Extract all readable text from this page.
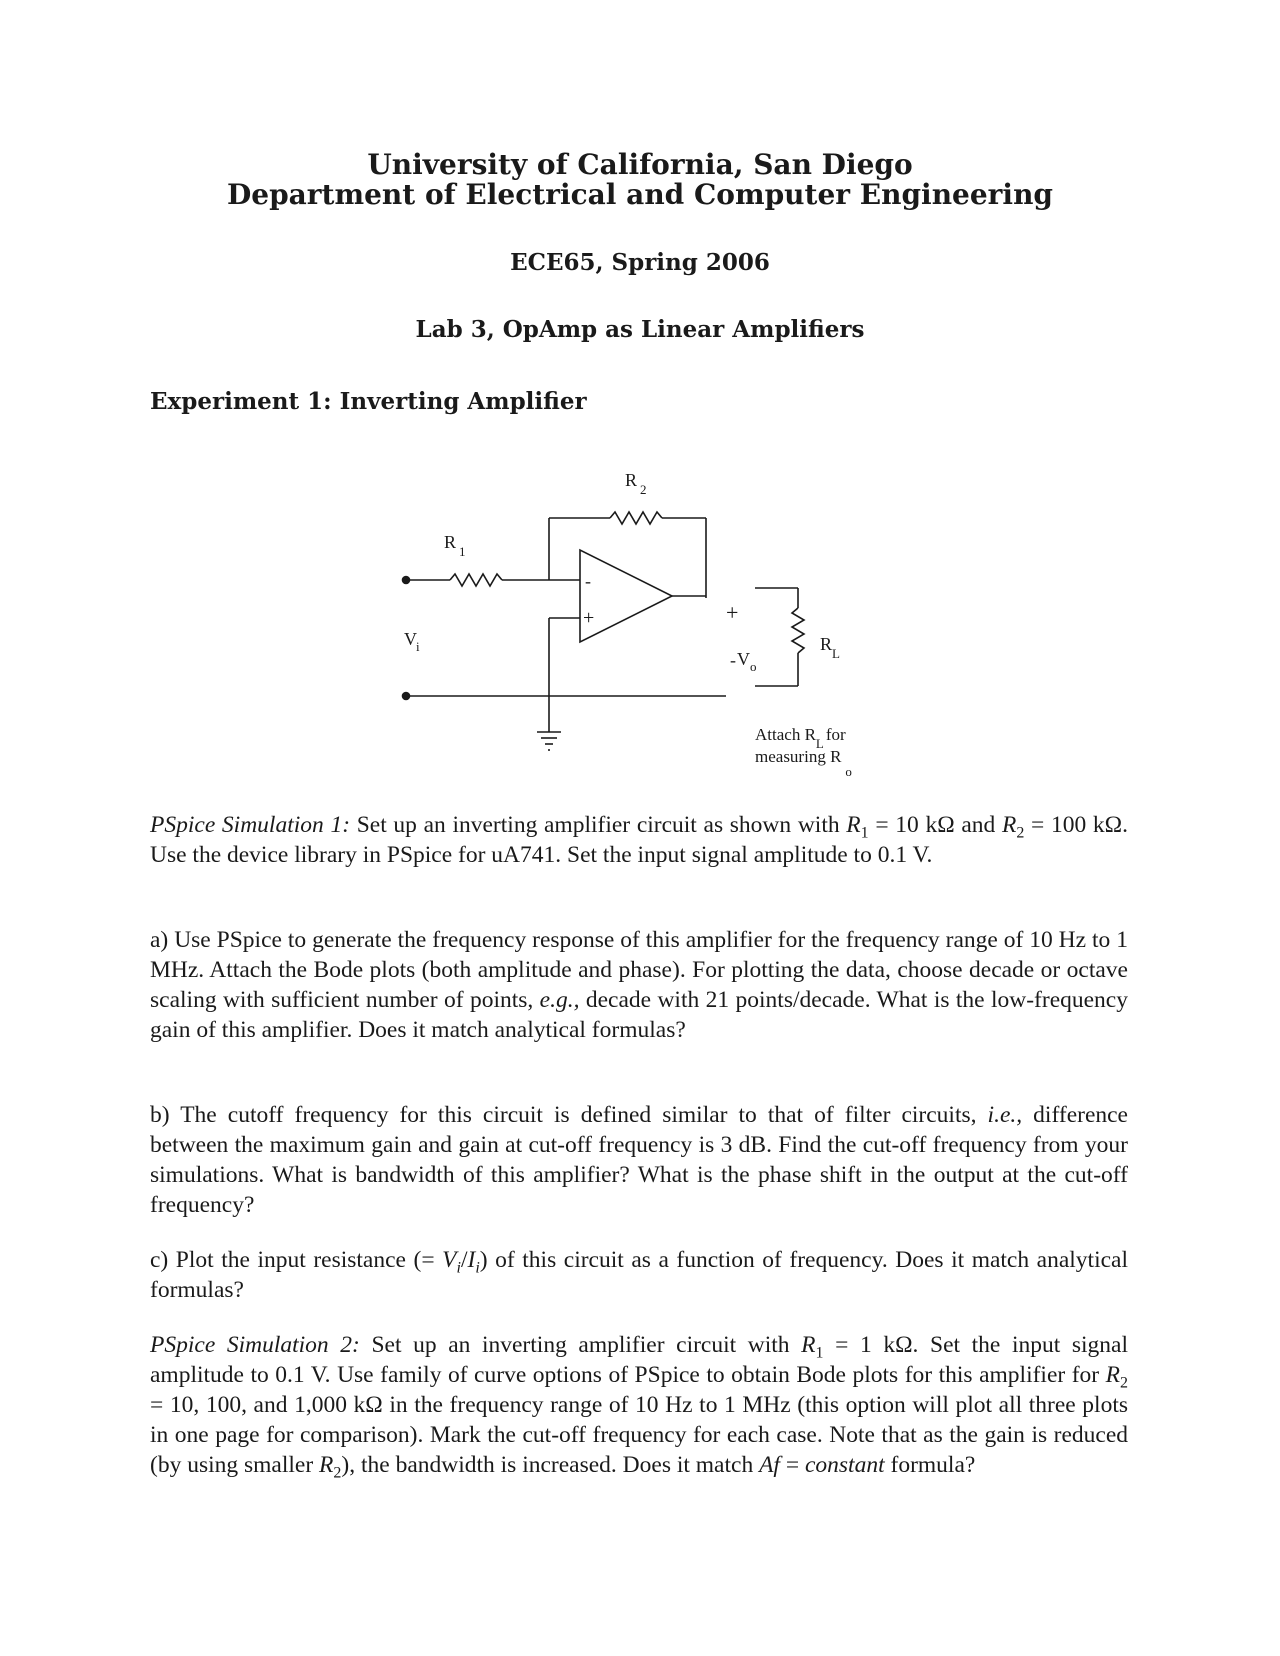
University of California, San Diego
Department of Electrical and Computer Engineering
ECE65, Spring 2006
Lab 3, OpAmp as Linear Amplifiers
Experiment 1: Inverting Amplifier
R 1
R 2
-
+
V i
+
- V o
R L
Attach $R_L$ for
measuring $R_o$

PSpice Simulation 1: Set up an inverting amplifier circuit as shown with $R_1 = 10$ kΩ and $R_2 = 100$ kΩ. Use the device library in PSpice for uA741. Set the input signal amplitude to 0.1 V.

a) Use PSpice to generate the frequency response of this amplifier for the frequency range of 10 Hz to 1 MHz. Attach the Bode plots (both amplitude and phase). For plotting the data, choose decade or octave scaling with sufficient number of points, e.g., decade with 21 points/decade. What is the low-frequency gain of this amplifier. Does it match analytical formulas?

b) The cutoff frequency for this circuit is defined similar to that of filter circuits, i.e., difference between the maximum gain and gain at cut-off frequency is 3 dB. Find the cut-off frequency from your simulations. What is bandwidth of this amplifier? What is the phase shift in the output at the cut-off frequency?

c) Plot the input resistance (= $V_i/I_i$) of this circuit as a function of frequency. Does it match analytical formulas?

PSpice Simulation 2: Set up an inverting amplifier circuit with $R_1 = 1$ kΩ. Set the input signal amplitude to 0.1 V. Use family of curve options of PSpice to obtain Bode plots for this amplifier for $R_2 = 10$, 100, and 1,000 kΩ in the frequency range of 10 Hz to 1 MHz (this option will plot all three plots in one page for comparison). Mark the cut-off frequency for each case. Note that as the gain is reduced (by using smaller $R_2$), the bandwidth is increased. Does it match Af = constant formula?
